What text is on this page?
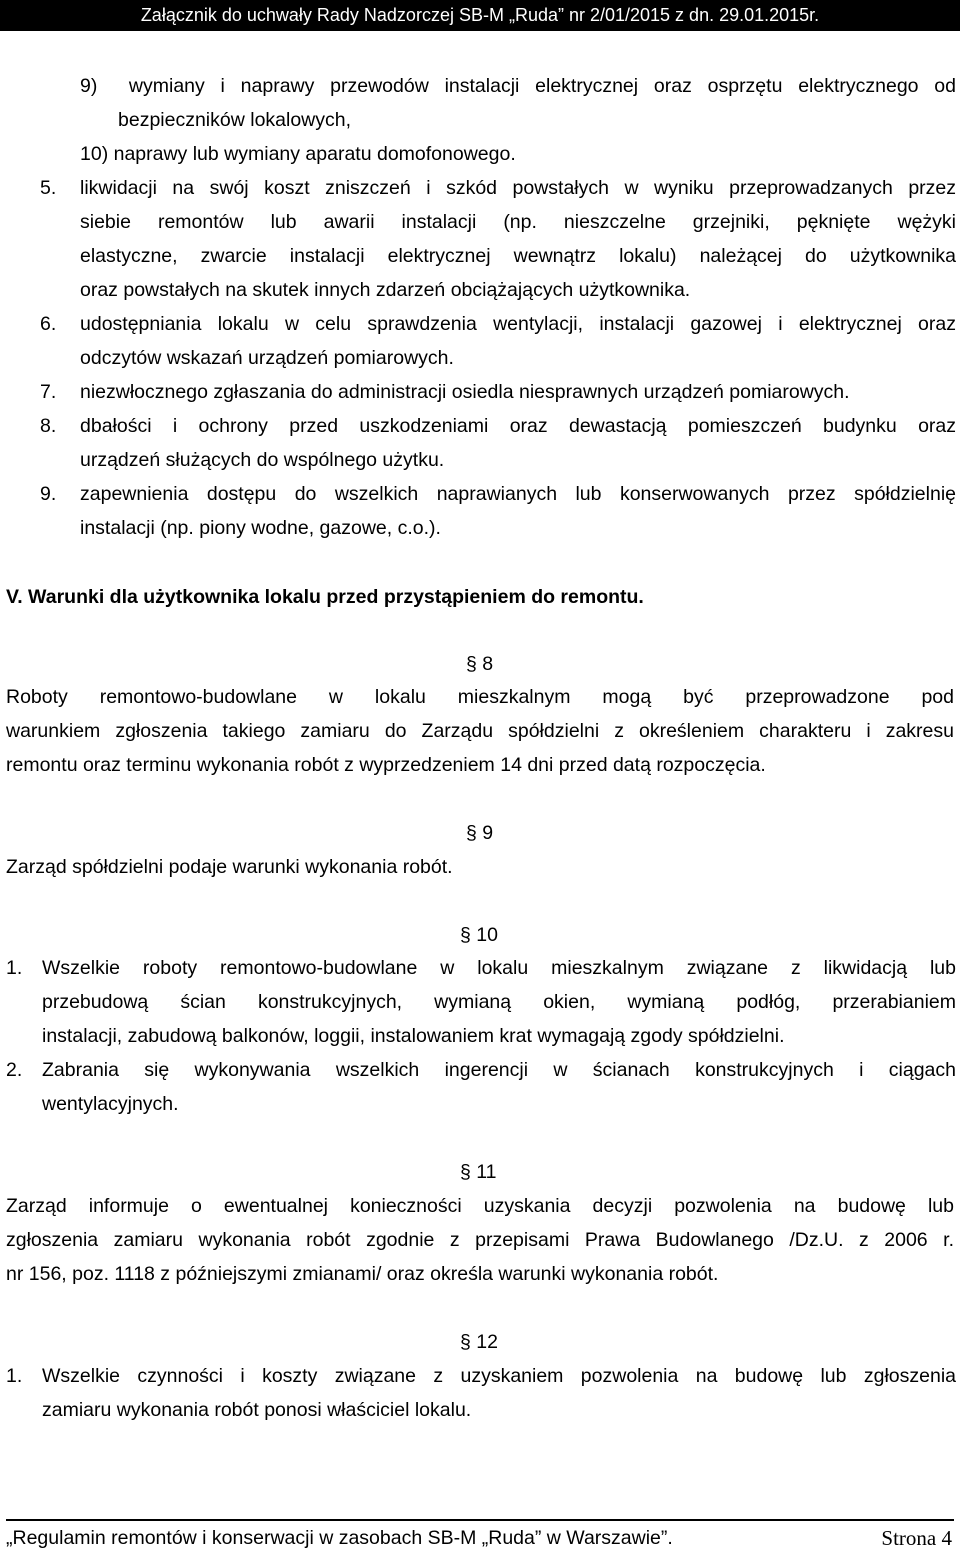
Załącznik do uchwały Rady Nadzorczej SB-M „Ruda” nr 2/01/2015 z dn. 29.01.2015r.
9)  wymiany i naprawy przewodów instalacji elektrycznej oraz osprzętu elektrycznego od
bezpieczników lokalowych,
10) naprawy lub wymiany aparatu domofonowego.
5. likwidacji na swój koszt zniszczeń i szkód powstałych w wyniku przeprowadzanych przez
siebie remontów lub awarii instalacji (np. nieszczelne grzejniki, pęknięte wężyki
elastyczne, zwarcie instalacji elektrycznej wewnątrz lokalu) należącej do użytkownika
oraz powstałych na skutek innych zdarzeń obciążających użytkownika.
6. udostępniania lokalu w celu sprawdzenia wentylacji, instalacji gazowej i elektrycznej oraz
odczytów wskazań urządzeń pomiarowych.
7. niezwłocznego zgłaszania do administracji osiedla niesprawnych urządzeń pomiarowych.
8. dbałości i ochrony przed uszkodzeniami oraz dewastacją pomieszczeń budynku oraz
urządzeń służących do wspólnego użytku.
9. zapewnienia dostępu do wszelkich naprawianych lub konserwowanych przez spółdzielnię
instalacji (np. piony wodne, gazowe, c.o.).
V. Warunki dla użytkownika lokalu przed przystąpieniem do remontu.
§ 8
Roboty remontowo-budowlane w lokalu mieszkalnym mogą być przeprowadzone pod
warunkiem zgłoszenia takiego zamiaru do Zarządu spółdzielni z określeniem charakteru i zakresu
remontu oraz terminu wykonania robót z wyprzedzeniem 14 dni przed datą rozpoczęcia.
§ 9
Zarząd spółdzielni podaje warunki wykonania robót.
§ 10
1. Wszelkie roboty remontowo-budowlane w lokalu mieszkalnym związane z likwidacją lub
przebudową ścian konstrukcyjnych, wymianą okien, wymianą podłóg, przerabianiem
instalacji, zabudową balkonów, loggii, instalowaniem krat wymagają zgody spółdzielni.
2. Zabrania się wykonywania wszelkich ingerencji w ścianach konstrukcyjnych i ciągach
wentylacyjnych.
§ 11
Zarząd informuje o ewentualnej konieczności uzyskania decyzji pozwolenia na budowę lub
zgłoszenia zamiaru wykonania robót zgodnie z przepisami Prawa Budowlanego /Dz.U. z 2006 r.
nr 156, poz. 1118 z późniejszymi zmianami/ oraz określa warunki wykonania robót.
§ 12
1. Wszelkie czynności i koszty związane z uzyskaniem pozwolenia na budowę lub zgłoszenia
zamiaru wykonania robót ponosi właściciel lokalu.
„Regulamin remontów i konserwacji w zasobach SB-M „Ruda” w Warszawie”.	Strona 4
